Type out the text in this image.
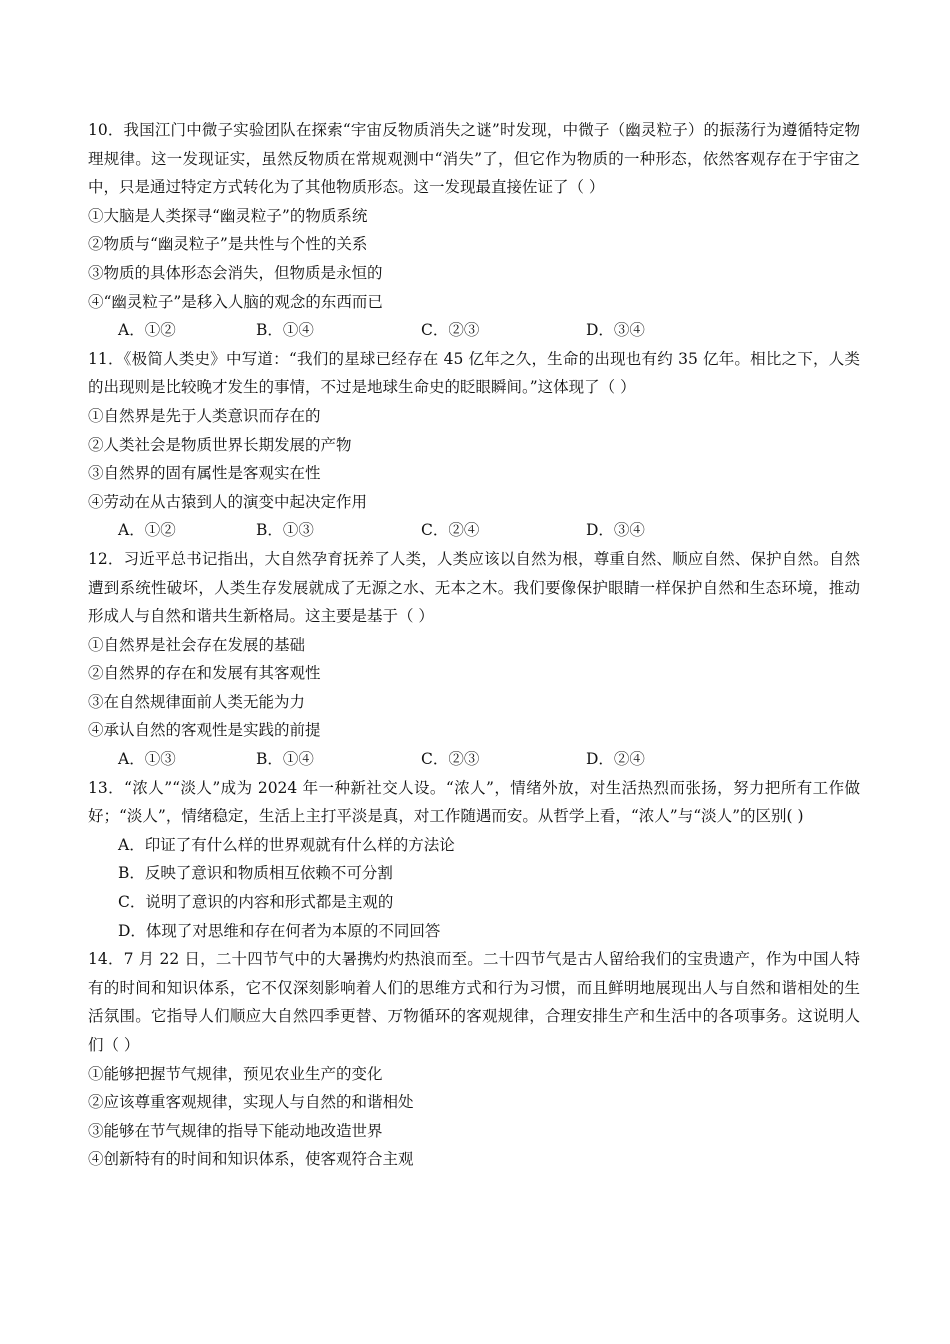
10．我国江门中微子实验团队在探索“宇宙反物质消失之谜”时发现，中微子（幽灵粒子）的振荡行为遵循特定物理规律。这一发现证实，虽然反物质在常规观测中“消失”了，但它作为物质的一种形态，依然客观存在于宇宙之中，只是通过特定方式转化为了其他物质形态。这一发现最直接佐证了（ ）
①大脑是人类探寻“幽灵粒子”的物质系统
②物质与“幽灵粒子”是共性与个性的关系
③物质的具体形态会消失，但物质是永恒的
④“幽灵粒子”是移入人脑的观念的东西而已
A．①②	B．①④	C．②③	D．③④
11．《极简人类史》中写道：“我们的星球已经存在 45 亿年之久，生命的出现也有约 35 亿年。相比之下，人类的出现则是比较晚才发生的事情，不过是地球生命史的眨眼瞬间。”这体现了（ ）
①自然界是先于人类意识而存在的
②人类社会是物质世界长期发展的产物
③自然界的固有属性是客观实在性
④劳动在从古猿到人的演变中起决定作用
A．①②	B．①③	C．②④	D．③④
12．习近平总书记指出，大自然孕育抚养了人类，人类应该以自然为根，尊重自然、顺应自然、保护自然。自然遭到系统性破坏，人类生存发展就成了无源之水、无本之木。我们要像保护眼睛一样保护自然和生态环境，推动形成人与自然和谐共生新格局。这主要是基于（ ）
①自然界是社会存在发展的基础
②自然界的存在和发展有其客观性
③在自然规律面前人类无能为力
④承认自然的客观性是实践的前提
A．①③	B．①④	C．②③	D．②④
13．“浓人”“淡人”成为 2024 年一种新社交人设。“浓人”，情绪外放，对生活热烈而张扬，努力把所有工作做好；“淡人”，情绪稳定，生活上主打平淡是真，对工作随遇而安。从哲学上看，“浓人”与“淡人”的区别( )
A．印证了有什么样的世界观就有什么样的方法论
B．反映了意识和物质相互依赖不可分割
C．说明了意识的内容和形式都是主观的
D．体现了对思维和存在何者为本原的不同回答
14．7 月 22 日，二十四节气中的大暑携灼灼热浪而至。二十四节气是古人留给我们的宝贵遗产，作为中国人特有的时间和知识体系，它不仅深刻影响着人们的思维方式和行为习惯，而且鲜明地展现出人与自然和谐相处的生活氛围。它指导人们顺应大自然四季更替、万物循环的客观规律，合理安排生产和生活中的各项事务。这说明人们（ ）
①能够把握节气规律，预见农业生产的变化
②应该尊重客观规律，实现人与自然的和谐相处
③能够在节气规律的指导下能动地改造世界
④创新特有的时间和知识体系，使客观符合主观
